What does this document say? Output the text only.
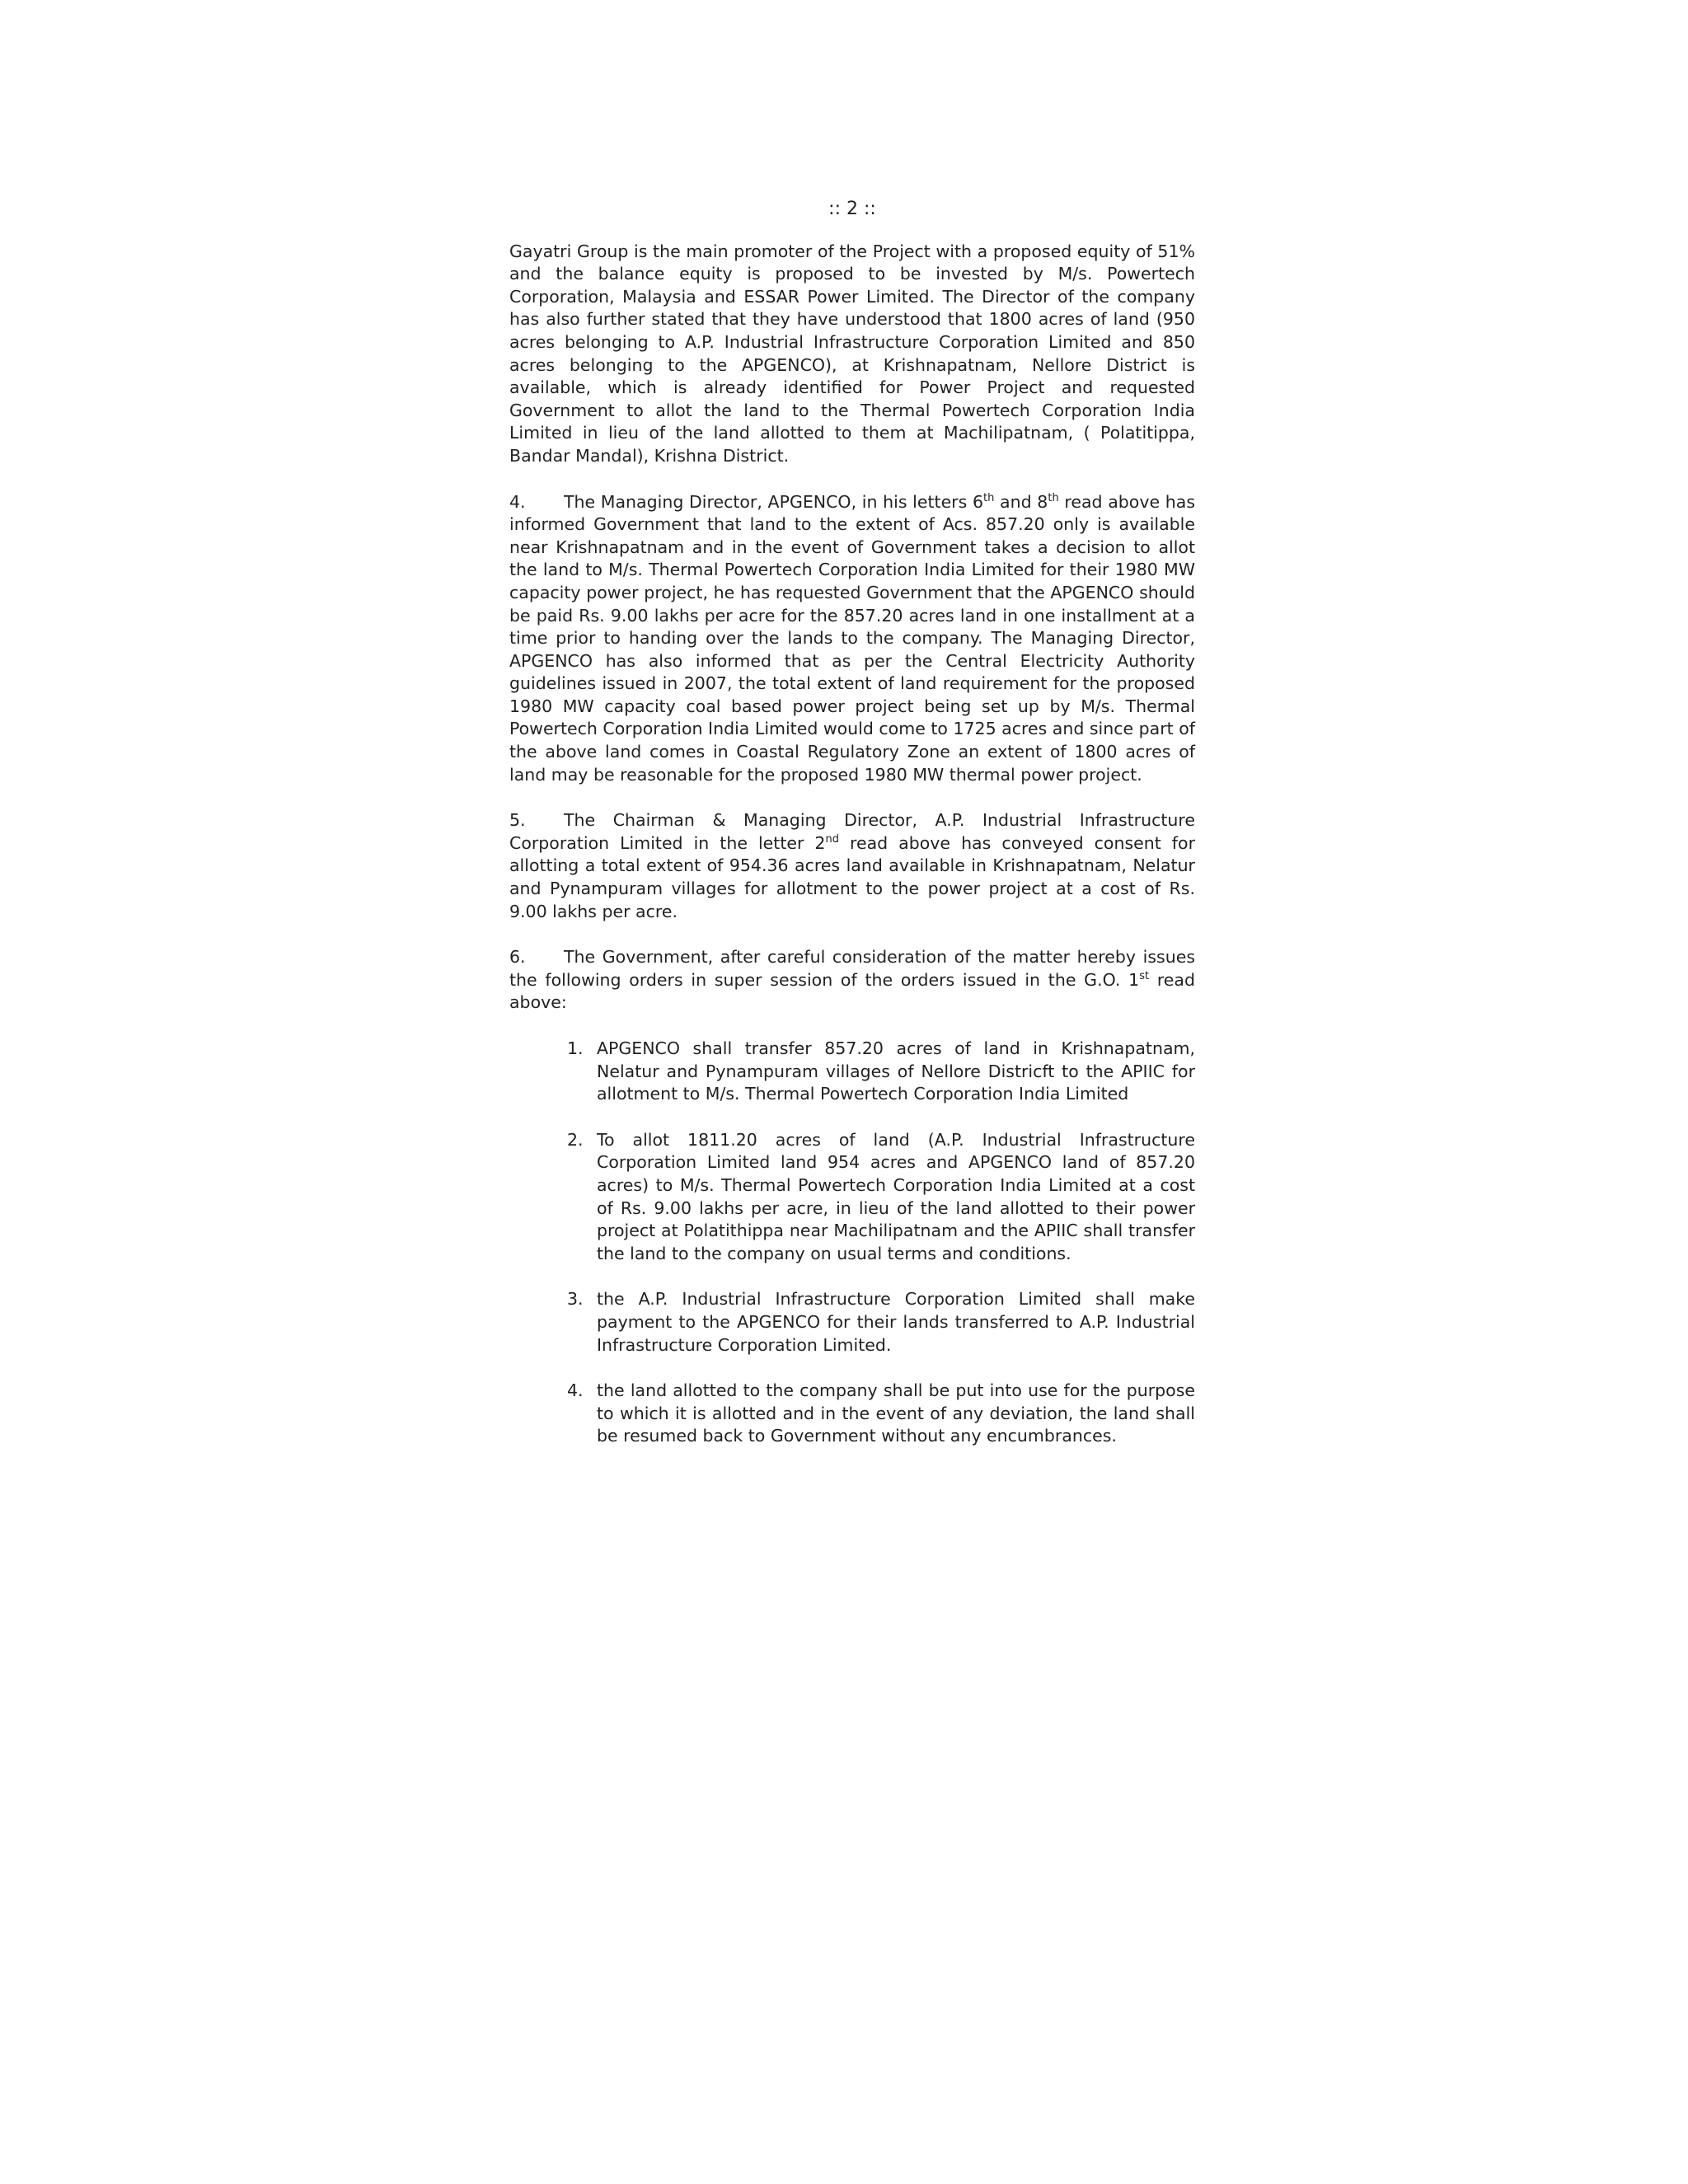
:: 2 ::

Gayatri Group is the main promoter of the Project with a proposed equity of 51% and the balance equity is proposed to be invested by M/s. Powertech Corporation, Malaysia and ESSAR Power Limited. The Director of the company has also further stated that they have understood that 1800 acres of land (950 acres belonging to A.P. Industrial Infrastructure Corporation Limited and 850 acres belonging to the APGENCO), at Krishnapatnam, Nellore District is available, which is already identified for Power Project and requested Government to allot the land to the Thermal Powertech Corporation India Limited in lieu of the land allotted to them at Machilipatnam, ( Polatitippa, Bandar Mandal), Krishna District.

4. The Managing Director, APGENCO, in his letters 6th and 8th read above has informed Government that land to the extent of Acs. 857.20 only is available near Krishnapatnam and in the event of Government takes a decision to allot the land to M/s. Thermal Powertech Corporation India Limited for their 1980 MW capacity power project, he has requested Government that the APGENCO should be paid Rs. 9.00 lakhs per acre for the 857.20 acres land in one installment at a time prior to handing over the lands to the company. The Managing Director, APGENCO has also informed that as per the Central Electricity Authority guidelines issued in 2007, the total extent of land requirement for the proposed 1980 MW capacity coal based power project being set up by M/s. Thermal Powertech Corporation India Limited would come to 1725 acres and since part of the above land comes in Coastal Regulatory Zone an extent of 1800 acres of land may be reasonable for the proposed 1980 MW thermal power project.

5. The Chairman & Managing Director, A.P. Industrial Infrastructure Corporation Limited in the letter 2nd read above has conveyed consent for allotting a total extent of 954.36 acres land available in Krishnapatnam, Nelatur and Pynampuram villages for allotment to the power project at a cost of Rs. 9.00 lakhs per acre.

6. The Government, after careful consideration of the matter hereby issues the following orders in super session of the orders issued in the G.O. 1st read above:

1. APGENCO shall transfer 857.20 acres of land in Krishnapatnam, Nelatur and Pynampuram villages of Nellore Districft to the APIIC for allotment to M/s. Thermal Powertech Corporation India Limited
2. To allot 1811.20 acres of land (A.P. Industrial Infrastructure Corporation Limited land 954 acres and APGENCO land of 857.20 acres) to M/s. Thermal Powertech Corporation India Limited at a cost of Rs. 9.00 lakhs per acre, in lieu of the land allotted to their power project at Polatithippa near Machilipatnam and the APIIC shall transfer the land to the company on usual terms and conditions.
3. the A.P. Industrial Infrastructure Corporation Limited shall make payment to the APGENCO for their lands transferred to A.P. Industrial Infrastructure Corporation Limited.
4. the land allotted to the company shall be put into use for the purpose to which it is allotted and in the event of any deviation, the land shall be resumed back to Government without any encumbrances.
